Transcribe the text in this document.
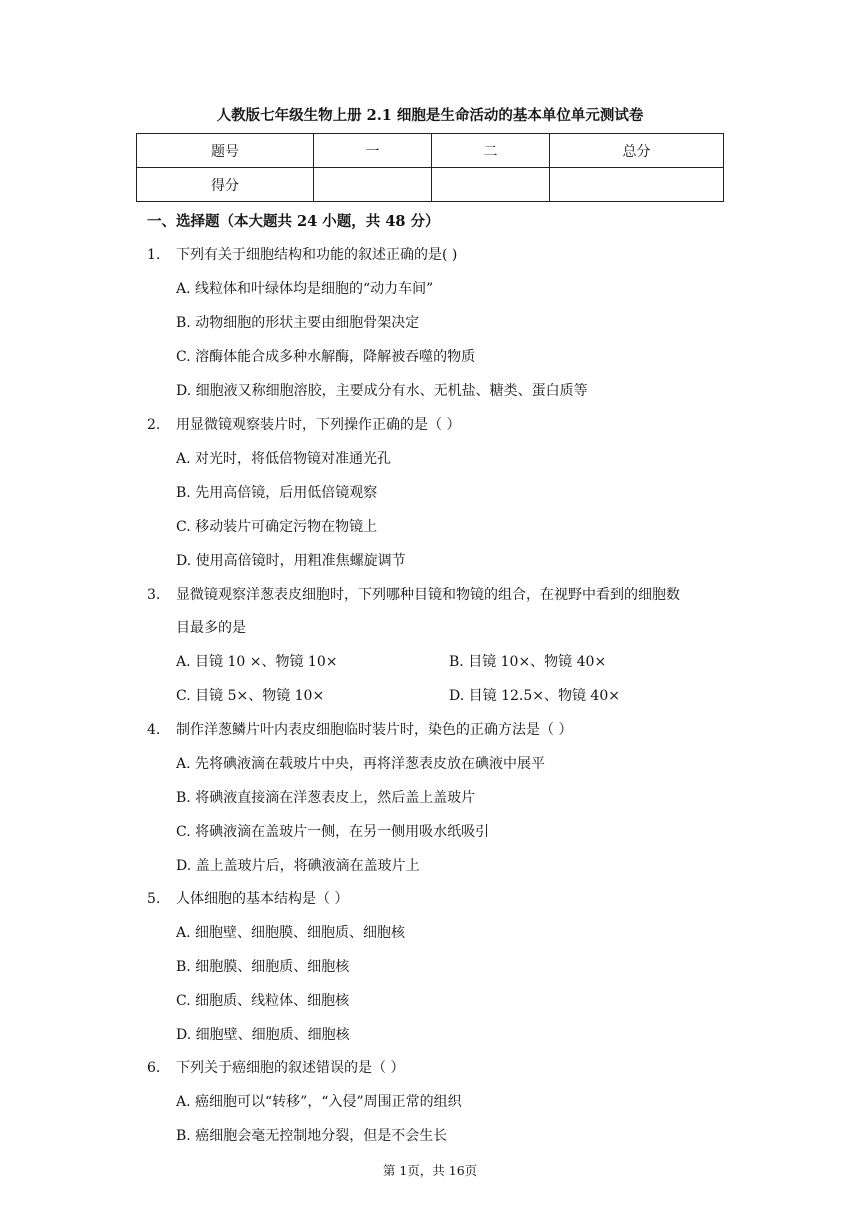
人教版七年级生物上册 2.1 细胞是生命活动的基本单位单元测试卷
题号	一	二	总分
得分			
一、选择题（本大题共 24 小题，共 48 分）
1. 下列有关于细胞结构和功能的叙述正确的是( )
A. 线粒体和叶绿体均是细胞的“动力车间”
B. 动物细胞的形状主要由细胞骨架决定
C. 溶酶体能合成多种水解酶，降解被吞噬的物质
D. 细胞液又称细胞溶胶，主要成分有水、无机盐、糖类、蛋白质等
2. 用显微镜观察装片时，下列操作正确的是（ ）
A. 对光时，将低倍物镜对准通光孔
B. 先用高倍镜，后用低倍镜观察
C. 移动装片可确定污物在物镜上
D. 使用高倍镜时，用粗准焦螺旋调节
3. 显微镜观察洋葱表皮细胞时，下列哪种目镜和物镜的组合，在视野中看到的细胞数
目最多的是
A. 目镜 10 ×、物镜 10×	B. 目镜 10×、物镜 40×
C. 目镜 5×、物镜 10×	D. 目镜 12.5×、物镜 40×
4. 制作洋葱鳞片叶内表皮细胞临时装片时，染色的正确方法是（ ）
A. 先将碘液滴在载玻片中央，再将洋葱表皮放在碘液中展平
B. 将碘液直接滴在洋葱表皮上，然后盖上盖玻片
C. 将碘液滴在盖玻片一侧，在另一侧用吸水纸吸引
D. 盖上盖玻片后，将碘液滴在盖玻片上
5. 人体细胞的基本结构是（ ）
A. 细胞壁、细胞膜、细胞质、细胞核
B. 细胞膜、细胞质、细胞核
C. 细胞质、线粒体、细胞核
D. 细胞壁、细胞质、细胞核
6. 下列关于癌细胞的叙述错误的是（ ）
A. 癌细胞可以“转移”，“入侵”周围正常的组织
B. 癌细胞会毫无控制地分裂，但是不会生长
第 1页，共 16页
